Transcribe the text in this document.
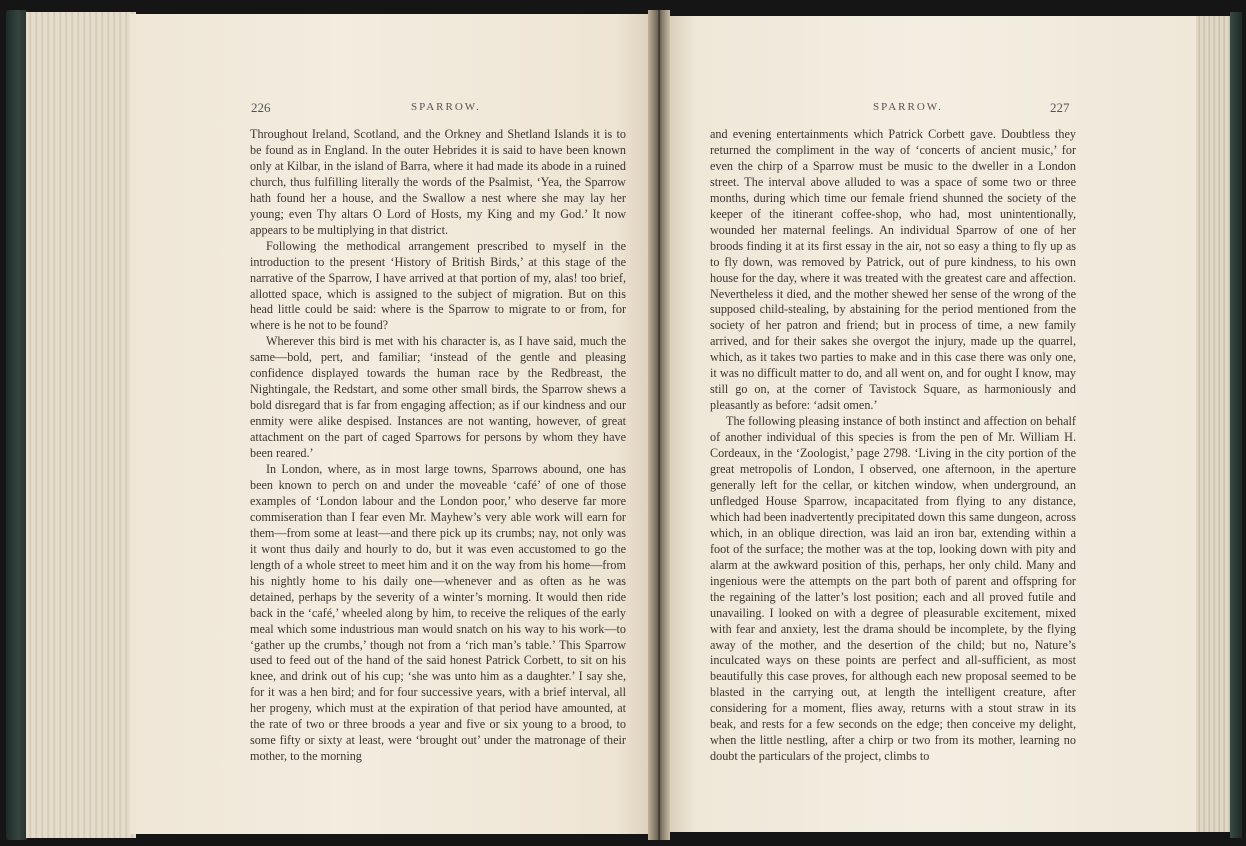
226	SPARROW.

Throughout Ireland, Scotland, and the Orkney and Shetland Islands it is to be found as in England. In the outer Hebrides it is said to have been known only at Kilbar, in the island of Barra, where it had made its abode in a ruined church, thus fulfilling literally the words of the Psalmist, ‘Yea, the Sparrow hath found her a house, and the Swallow a nest where she may lay her young; even Thy altars O Lord of Hosts, my King and my God.’ It now appears to be multiplying in that district.

Following the methodical arrangement prescribed to myself in the introduction to the present ‘History of British Birds,’ at this stage of the narrative of the Sparrow, I have arrived at that portion of my, alas! too brief, allotted space, which is assigned to the subject of migration. But on this head little could be said: where is the Sparrow to migrate to or from, for where is he not to be found?

Wherever this bird is met with his character is, as I have said, much the same—bold, pert, and familiar; ‘instead of the gentle and pleasing confidence displayed towards the human race by the Redbreast, the Nightingale, the Redstart, and some other small birds, the Sparrow shews a bold disregard that is far from engaging affection; as if our kindness and our enmity were alike despised. Instances are not wanting, however, of great attachment on the part of caged Sparrows for persons by whom they have been reared.’

In London, where, as in most large towns, Sparrows abound, one has been known to perch on and under the moveable ‘café’ of one of those examples of ‘London labour and the London poor,’ who deserve far more commiseration than I fear even Mr. Mayhew’s very able work will earn for them—from some at least—and there pick up its crumbs; nay, not only was it wont thus daily and hourly to do, but it was even accustomed to go the length of a whole street to meet him and it on the way from his home—from his nightly home to his daily one—whenever and as often as he was detained, perhaps by the severity of a winter’s morning. It would then ride back in the ‘café,’ wheeled along by him, to receive the reliques of the early meal which some industrious man would snatch on his way to his work—to ‘gather up the crumbs,’ though not from a ‘rich man’s table.’ This Sparrow used to feed out of the hand of the said honest Patrick Corbett, to sit on his knee, and drink out of his cup; ‘she was unto him as a daughter.’ I say she, for it was a hen bird; and for four successive years, with a brief interval, all her progeny, which must at the expiration of that period have amounted, at the rate of two or three broods a year and five or six young to a brood, to some fifty or sixty at least, were ‘brought out’ under the matronage of their mother, to the morning

SPARROW.	227

and evening entertainments which Patrick Corbett gave. Doubtless they returned the compliment in the way of ‘concerts of ancient music,’ for even the chirp of a Sparrow must be music to the dweller in a London street. The interval above alluded to was a space of some two or three months, during which time our female friend shunned the society of the keeper of the itinerant coffee-shop, who had, most unintentionally, wounded her maternal feelings. An individual Sparrow of one of her broods finding it at its first essay in the air, not so easy a thing to fly up as to fly down, was removed by Patrick, out of pure kindness, to his own house for the day, where it was treated with the greatest care and affection. Nevertheless it died, and the mother shewed her sense of the wrong of the supposed child-stealing, by abstaining for the period mentioned from the society of her patron and friend; but in process of time, a new family arrived, and for their sakes she overgot the injury, made up the quarrel, which, as it takes two parties to make and in this case there was only one, it was no difficult matter to do, and all went on, and for ought I know, may still go on, at the corner of Tavistock Square, as harmoniously and pleasantly as before: ‘adsit omen.’

The following pleasing instance of both instinct and affection on behalf of another individual of this species is from the pen of Mr. William H. Cordeaux, in the ‘Zoologist,’ page 2798. ‘Living in the city portion of the great metropolis of London, I observed, one afternoon, in the aperture generally left for the cellar, or kitchen window, when underground, an unfledged House Sparrow, incapacitated from flying to any distance, which had been inadvertently precipitated down this same dungeon, across which, in an oblique direction, was laid an iron bar, extending within a foot of the surface; the mother was at the top, looking down with pity and alarm at the awkward position of this, perhaps, her only child. Many and ingenious were the attempts on the part both of parent and offspring for the regaining of the latter’s lost position; each and all proved futile and unavailing. I looked on with a degree of pleasurable excitement, mixed with fear and anxiety, lest the drama should be incomplete, by the flying away of the mother, and the desertion of the child; but no, Nature’s inculcated ways on these points are perfect and all-sufficient, as most beautifully this case proves, for although each new proposal seemed to be blasted in the carrying out, at length the intelligent creature, after considering for a moment, flies away, returns with a stout straw in its beak, and rests for a few seconds on the edge; then conceive my delight, when the little nestling, after a chirp or two from its mother, learning no doubt the particulars of the project, climbs to
